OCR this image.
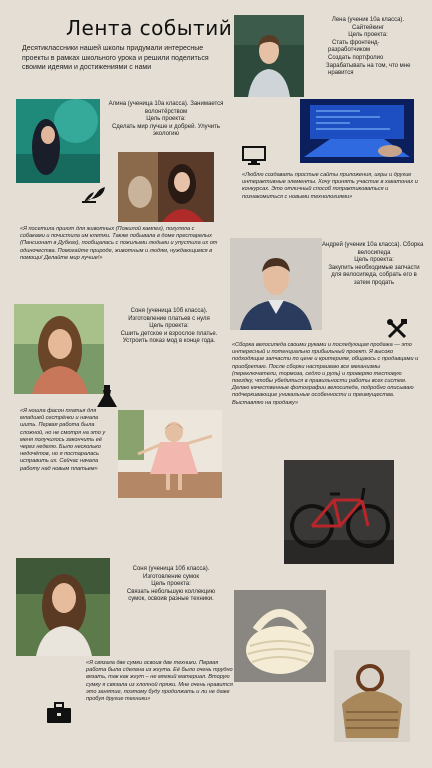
Лента событий
Десятиклассники нашей школы придумали интересные проекты в рамках школьного урока и решили поделиться своими идеями и достижениями с нами
Лена (ученик 10а класса).
Сайтейкинг
Цель проекта:
Стать фронтенд-
разработчиком
Создать портфолио
Зарабатывать на том, что мне
нравится
Алина (ученица 10а класса). Занимается
волонтёрством
Цель проекта:
Сделать мир лучше и добрей. Улучить экологию
«Люблю создавать простые сайты приложения, игры и другие интерактивные элементы. Хочу принять участие в хакатонах и конкурсах. Это отличный способ попрактиковаться и познакомиться с новыми технологиями»
«Я посетила приют для животных (Пожилой кампег), погуляла с собаками и почистила им клетки. Также побывала в доме престарелых (Пансионат в Дубках), пообщалась с пожилыми людьми и упустила их от одиночества. Помогайте природе, животным и людям, нуждающимся в помощи! Делайте мир лучше!»
Андрей (ученик 10а класса). Сборка
велосипеда
Цель проекта:
Закупить необходимые запчасти
для велосипеда, собрать его в
затем продать
Соня (ученица 10б класса).
Изготовление платьев с нуля
Цель проекта:
Сшить детское и взрослое платье.
Устроить показ мод в конце года.
«Сборка велосипеда своими руками и последующая продажа — это интересный и потенциально прибыльный проект. Я высоко подходящие запчасти по цене и критериям, общаюсь с продавцами и приобретаю. После сборки настраиваю все механизмы (переключатели, тормоза, седло и руль) и проверяю тестовую поездку, чтобы убедиться в правильности работы всех систем. Делаю качественные фотографии велосипеда, подробно описываю подчеркивающие уникальные особенности и преимущества. Выставляю на продажу»
«Я ношла фасон платья для младшей сестрёнки и начала шить. Первая работа была сложной, но не смотря на это у меня получилось закончить её через неделю. Было несколько недочётов, но я постаралась исправить их. Сейчас начала работу над новым платьем»
Соня (ученица 10б класса).
Изготовление сумок
Цель проекта:
Связать небольшую коллекцию
сумок, освоив разные техники.
«Я связала две сумки освоив две техники. Первая работа была сделана из жгута. Её было очень трудно вязать, так как жгут – не мягкий материал. Вторую сумку я связала из хлопной пряжи. Мне очень нравится это занятие, поэтому буду продолжать и ли не даже пробуя другие техники»
